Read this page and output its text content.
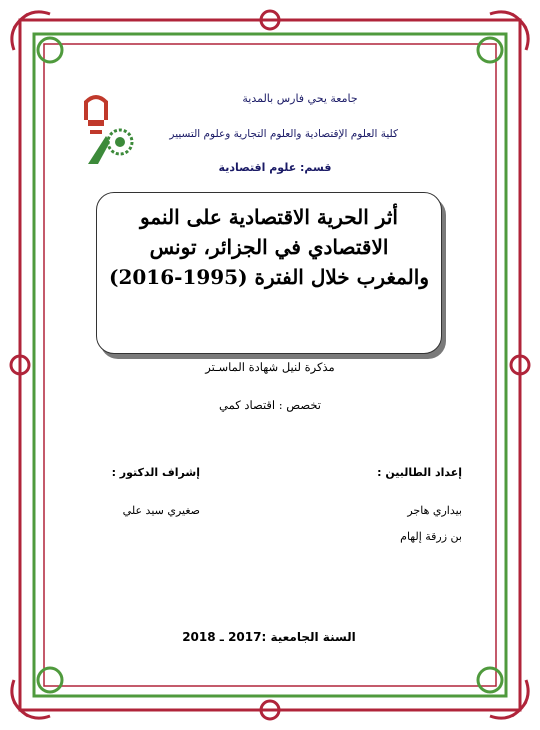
جامعة يحي فارس بالمدية
كلية العلوم الإقتصادية والعلوم التجارية وعلوم التسيير
قسم: علوم اقتصادية
أثر الحرية الاقتصادية على النمو
الاقتصادي في الجزائر، تونس
والمغرب خلال الفترة (1995-2016)
مذكرة لنيل شهادة الماسـتر
تخصص : اقتصاد كمي
إعداد الطالبين :
إشراف الدكتور :
بيداري هاجر
بن زرقة إلهام
صغيري سيد علي
السنة الجامعية :2017 ـ 2018
